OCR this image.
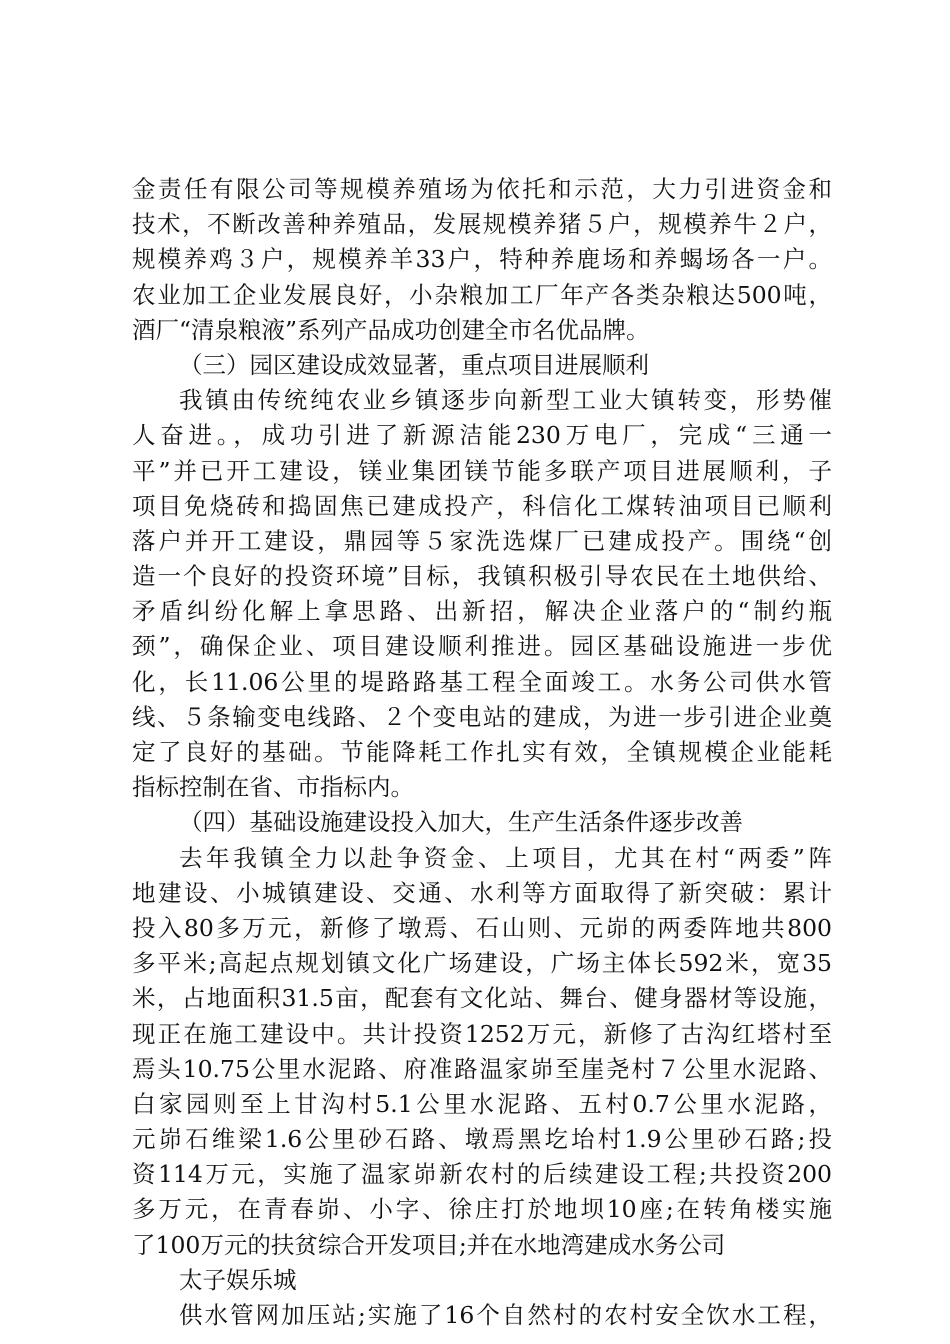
金责任有限公司等规模养殖场为依托和示范，大力引进资金和
技术，不断改善种养殖品，发展规模养猪５户，规模养牛２户，
规模养鸡３户，规模养羊33户，特种养鹿场和养蝎场各一户。
农业加工企业发展良好，小杂粮加工厂年产各类杂粮达500吨，
酒厂“清泉粮液”系列产品成功创建全市名优品牌。
（三）园区建设成效显著，重点项目进展顺利
我镇由传统纯农业乡镇逐步向新型工业大镇转变，形势催
人奋进。，成功引进了新源洁能230万电厂，完成“三通一
平”并已开工建设，镁业集团镁节能多联产项目进展顺利，子
项目免烧砖和捣固焦已建成投产，科信化工煤转油项目已顺利
落户并开工建设，鼎园等５家洗选煤厂已建成投产。围绕“创
造一个良好的投资环境”目标，我镇积极引导农民在土地供给、
矛盾纠纷化解上拿思路、出新招，解决企业落户的“制约瓶
颈”，确保企业、项目建设顺利推进。园区基础设施进一步优
化，长11.06公里的堤路路基工程全面竣工。水务公司供水管
线、５条输变电线路、２个变电站的建成，为进一步引进企业奠
定了良好的基础。节能降耗工作扎实有效，全镇规模企业能耗
指标控制在省、市指标内。
（四）基础设施建设投入加大，生产生活条件逐步改善
去年我镇全力以赴争资金、上项目，尤其在村“两委”阵
地建设、小城镇建设、交通、水利等方面取得了新突破：累计
投入80多万元，新修了墩焉、石山则、元峁的两委阵地共800
多平米;高起点规划镇文化广场建设，广场主体长592米，宽35
米，占地面积31.5亩，配套有文化站、舞台、健身器材等设施，
现正在施工建设中。共计投资1252万元，新修了古沟红塔村至
焉头10.75公里水泥路、府准路温家峁至崖尧村７公里水泥路、
白家园则至上甘沟村5.1公里水泥路、五村0.7公里水泥路，
元峁石维梁1.6公里砂石路、墩焉黑圪坮村1.9公里砂石路;投
资114万元，实施了温家峁新农村的后续建设工程;共投资200
多万元，在青春峁、小字、徐庄打於地坝10座;在转角楼实施
了100万元的扶贫综合开发项目;并在水地湾建成水务公司
太子娱乐城
供水管网加压站;实施了16个自然村的农村安全饮水工程，
